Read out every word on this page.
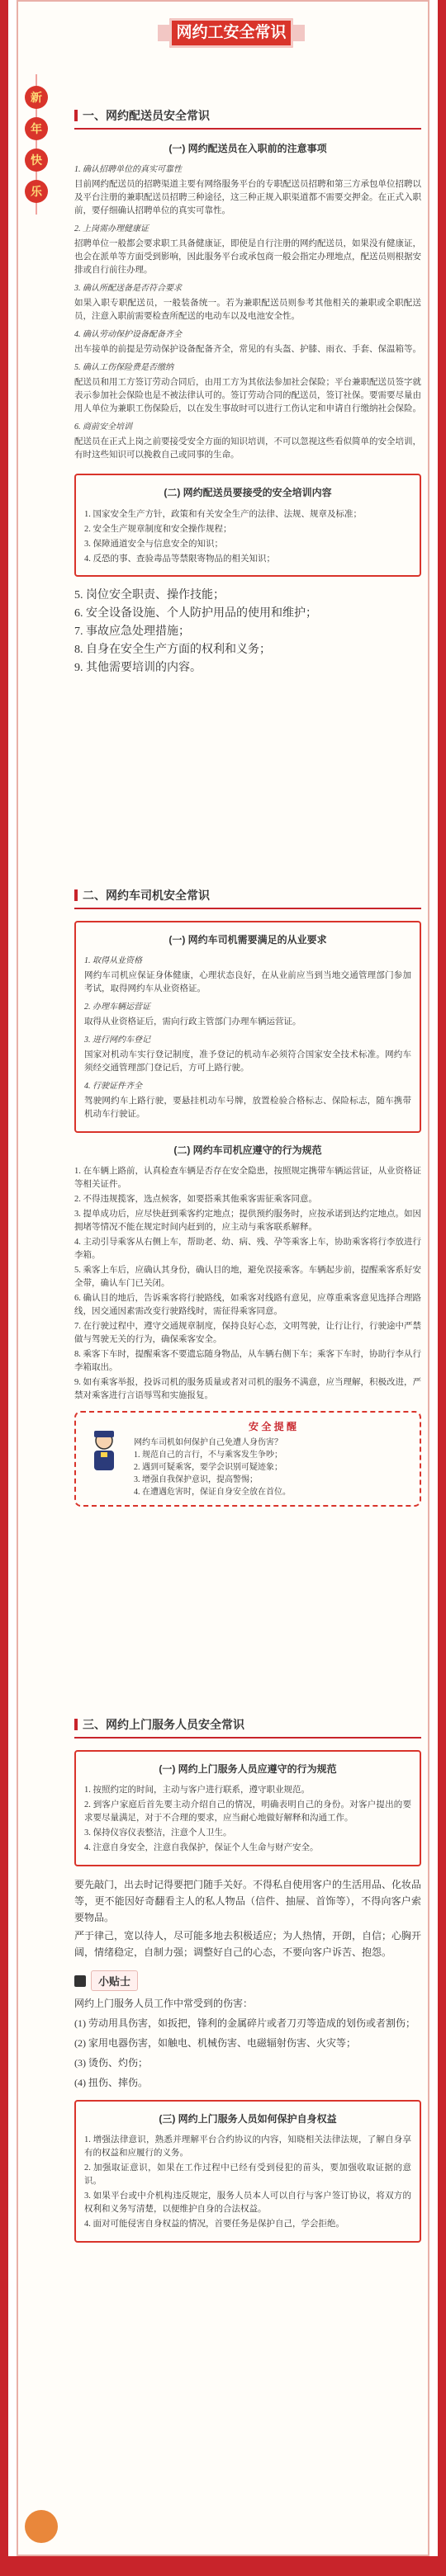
网约工安全常识
新
年
快
乐
一、网约配送员安全常识
(一) 网约配送员在入职前的注意事项
1. 确认招聘单位的真实可靠性

目前网约配送员的招聘渠道主要有网络服务平台的专职配送员招聘和第三方承包单位招聘以及平台注册的兼职配送员招聘三种途径，这三种正规入职渠道都不需要交押金。在正式入职前，要仔细确认招聘单位的真实可靠性。

2. 上岗需办理健康证

招聘单位一般都会要求职工具备健康证，即使是自行注册的网约配送员，如果没有健康证，也会在派单等方面受到影响，因此服务平台或承包商一般会指定办理地点，配送员则根据安排或自行前往办理。

3. 确认所配送备是否符合要求

如果入职专职配送员，一般装备统一。若为兼职配送员则参考其他相关的兼职或全职配送员，注意入职前需要检查所配送的电动车以及电池安全性。

4. 确认劳动保护设备配备齐全

出车接单的前提是劳动保护设备配备齐全，常见的有头盔、护膝、雨衣、手套、保温箱等。

5. 确认工伤保险费是否缴纳

配送员和用工方签订劳动合同后，由用工方为其依法参加社会保险；平台兼职配送员签字就表示参加社会保险也是不被法律认可的。签订劳动合同的配送员，签订社保。要需要尽量由用人单位为兼职工伤保险后，以在发生事故时可以进行工伤认定和申请自行缴纳社会保险。

6. 商前安全培训

配送员在正式上岗之前要接受安全方面的知识培训，不可以忽视这些看似简单的安全培训，有时这些知识可以挽救自己或同事的生命。

(二) 网约配送员要接受的安全培训内容
1. 国家安全生产方针，政策和有关安全生产的法律、法规、规章及标准；
2. 安全生产规章制度和安全操作规程；
3. 保障通道安全与信息安全的知识；
4. 反恐的事、查验毒品等禁限寄物品的相关知识；
5. 岗位安全职责、操作技能；
6. 安全设备设施、个人防护用品的使用和维护；
7. 事故应急处理措施；
8. 自身在安全生产方面的权利和义务；
9. 其他需要培训的内容。
二、网约车司机安全常识
(一) 网约车司机需要满足的从业要求
1. 取得从业资格

网约车司机应保证身体健康，心理状态良好，在从业前应当到当地交通管理部门参加考试，取得网约车从业资格证。

2. 办理车辆运营证

取得从业资格证后，需向行政主管部门办理车辆运营证。

3. 进行网约车登记

国家对机动车实行登记制度，准予登记的机动车必须符合国家安全技术标准。网约车须经交通管理部门登记后，方可上路行驶。

4. 行驶证件齐全

驾驶网约车上路行驶，要悬挂机动车号牌，放置检验合格标志、保险标志，随车携带机动车行驶证。

(二) 网约车司机应遵守的行为规范

1. 在车辆上路前，认真检查车辆是否存在安全隐患，按照规定携带车辆运营证，从业资格证等相关证件。

2. 不得违规揽客，选点候客，如要搭乘其他乘客需征乘客同意。

3. 提单成功后，应尽快赶到乘客约定地点；提供预约服务时，应按承诺到达约定地点。如因拥堵等情况不能在规定时间内赶到的，应主动与乘客联系解释。

4. 主动引导乘客从右侧上车，帮助老、幼、病、残、孕等乘客上车，协助乘客将行李放进行李箱。

5. 乘客上车后，应确认其身份，确认目的地，避免误接乘客。车辆起步前，提醒乘客系好安全带，确认车门已关闭。

6. 确认目的地后，告诉乘客将行驶路线，如乘客对线路有意见，应尊重乘客意见选择合理路线，因交通因素需改变行驶路线时，需征得乘客同意。

7. 在行驶过程中，遵守交通规章制度，保持良好心态，文明驾驶，让行让行，行驶途中严禁做与驾驶无关的行为，确保乘客安全。

8. 乘客下车时，提醒乘客不要遗忘随身物品，从车辆右侧下车；乘客下车时，协助行李从行李箱取出。

9. 如有乘客举报，投诉司机的服务质量或者对司机的服务不满意，应当理解，积极改进，严禁对乘客进行言语辱骂和实施报复。

安 全 提 醒
网约车司机如何保护自己免遭人身伤害？
1. 规范自己的言行，不与乘客发生争吵；
2. 遇到可疑乘客，要学会识别可疑迹象；
3. 增强自我保护意识，提高警惕；
4. 在遭遇危害时，保证自身安全放在首位。
三、网约上门服务人员安全常识
(一) 网约上门服务人员应遵守的行为规范

1. 按照约定的时间，主动与客户进行联系，遵守职业规范。

2. 到客户家庭后首先要主动介绍自己的情况，明确表明自己的身份。对客户提出的要求要尽量满足，对于不合理的要求，应当耐心地做好解释和沟通工作。

3. 保持仪容仪表整洁，注意个人卫生。

4. 注意自身安全，注意自我保护，保证个人生命与财产安全。

要先敲门，出去时记得要把门随手关好。不得私自使用客户的生活用品、化妆品等，更不能因好奇翻看主人的私人物品（信件、抽屉、首饰等），不得向客户索要物品。

严于律己，宽以待人，尽可能多地去积极适应；为人热情，开朗，自信；心胸开阔，情绪稳定，自制力强；调整好自己的心态，不要向客户诉苦、抱怨。

小贴士
网约上门服务人员工作中常受到的伤害：
(1) 劳动用具伤害，如扳把，锋利的金属碎片或者刀刃等造成的划伤或者割伤；
(2) 家用电器伤害，如触电、机械伤害、电磁辐射伤害、火灾等；
(3) 烫伤、灼伤；
(4) 扭伤、摔伤。
(三) 网约上门服务人员如何保护自身权益

1. 增强法律意识，熟悉并理解平台合约协议的内容，知晓相关法律法规，了解自身享有的权益和应履行的义务。

2. 加强取证意识，如果在工作过程中已经有受到侵犯的苗头，要加强收取证据的意识。

3. 如果平台或中介机构违反规定，服务人员本人可以自行与客户签订协议，将双方的权利和义务写清楚，以便维护自身的合法权益。

4. 面对可能侵害自身权益的情况，首要任务是保护自己，学会拒绝。
